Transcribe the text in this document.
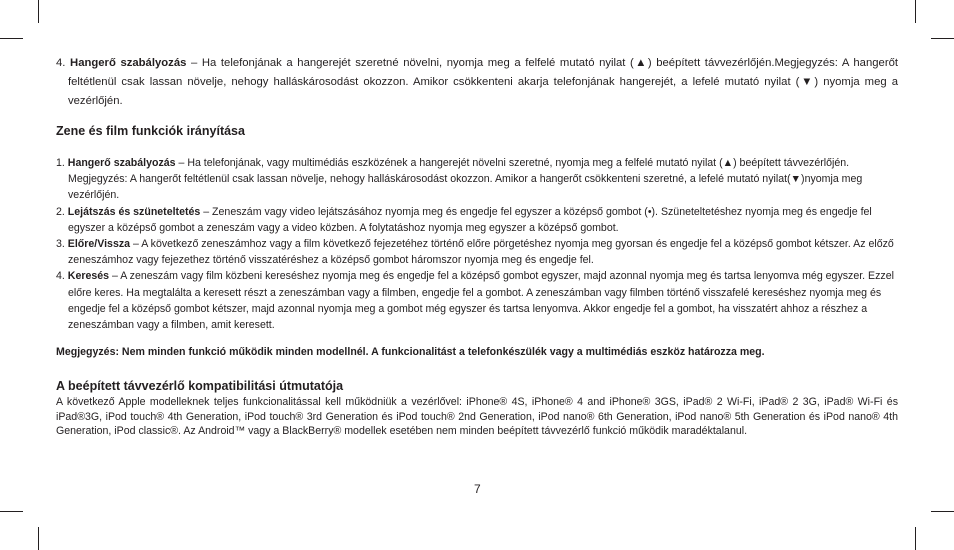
4. Hangerő szabályozás – Ha telefonjának a hangerejét szeretné növelni, nyomja meg a felfelé mutató nyilat (▲) beépített távvezérlőjén.Megjegyzés: A hangerőt feltétlenül csak lassan növelje, nehogy halláskárosodást okozzon. Amikor csökkenteni akarja telefonjának hangerejét, a lefelé mutató nyilat (▼) nyomja meg a vezérlőjén.

Zene és film funkciók irányítása

1. Hangerő szabályozás – Ha telefonjának, vagy multimédiás eszközének a hangerejét növelni szeretné, nyomja meg a felfelé mutató nyilat (▲) beépített távvezérlőjén. Megjegyzés: A hangerőt feltétlenül csak lassan növelje, nehogy halláskárosodást okozzon. Amikor a hangerőt csökkenteni szeretné, a lefelé mutató nyilat(▼)nyomja meg vezérlőjén.

2. Lejátszás és szüneteltetés – Zeneszám vagy video lejátszásához nyomja meg és engedje fel egyszer a középső gombot (•). Szüneteltetéshez nyomja meg és engedje fel egyszer a középső gombot a zeneszám vagy a video közben. A folytatáshoz nyomja meg egyszer a középső gombot.

3. Előre/Vissza – A következő zeneszámhoz vagy a film következő fejezetéhez történő előre pörgetéshez nyomja meg gyorsan és engedje fel a középső gombot kétszer. Az előző zeneszámhoz vagy fejezethez történő visszatéréshez a középső gombot háromszor nyomja meg és engedje fel.

4. Keresés – A zeneszám vagy film közbeni kereséshez nyomja meg és engedje fel a középső gombot egyszer, majd azonnal nyomja meg és tartsa lenyomva még egyszer. Ezzel előre keres. Ha megtalálta a keresett részt a zeneszámban vagy a filmben, engedje fel a gombot. A zeneszámban vagy filmben történő visszafelé kereséshez nyomja meg és engedje fel a középső gombot kétszer, majd azonnal nyomja meg a gombot még egyszer és tartsa lenyomva. Akkor engedje fel a gombot, ha visszatért ahhoz a részhez a zeneszámban vagy a filmben, amit keresett.

Megjegyzés: Nem minden funkció működik minden modellnél. A funkcionalitást a telefonkészülék vagy a multimédiás eszköz határozza meg.

A beépített távvezérlő kompatibilitási útmutatója

A következő Apple modelleknek teljes funkcionalitással kell működniük a vezérlővel: iPhone® 4S, iPhone® 4 and iPhone® 3GS, iPad® 2 Wi-Fi, iPad® 2 3G, iPad® Wi-Fi és iPad®3G, iPod touch® 4th Generation, iPod touch® 3rd Generation és iPod touch® 2nd Generation, iPod nano® 6th Generation, iPod nano® 5th Generation és iPod nano® 4th Generation, iPod classic®. Az Android™ vagy a BlackBerry® modellek esetében nem minden beépített távvezérlő funkció működik maradéktalanul.

7
